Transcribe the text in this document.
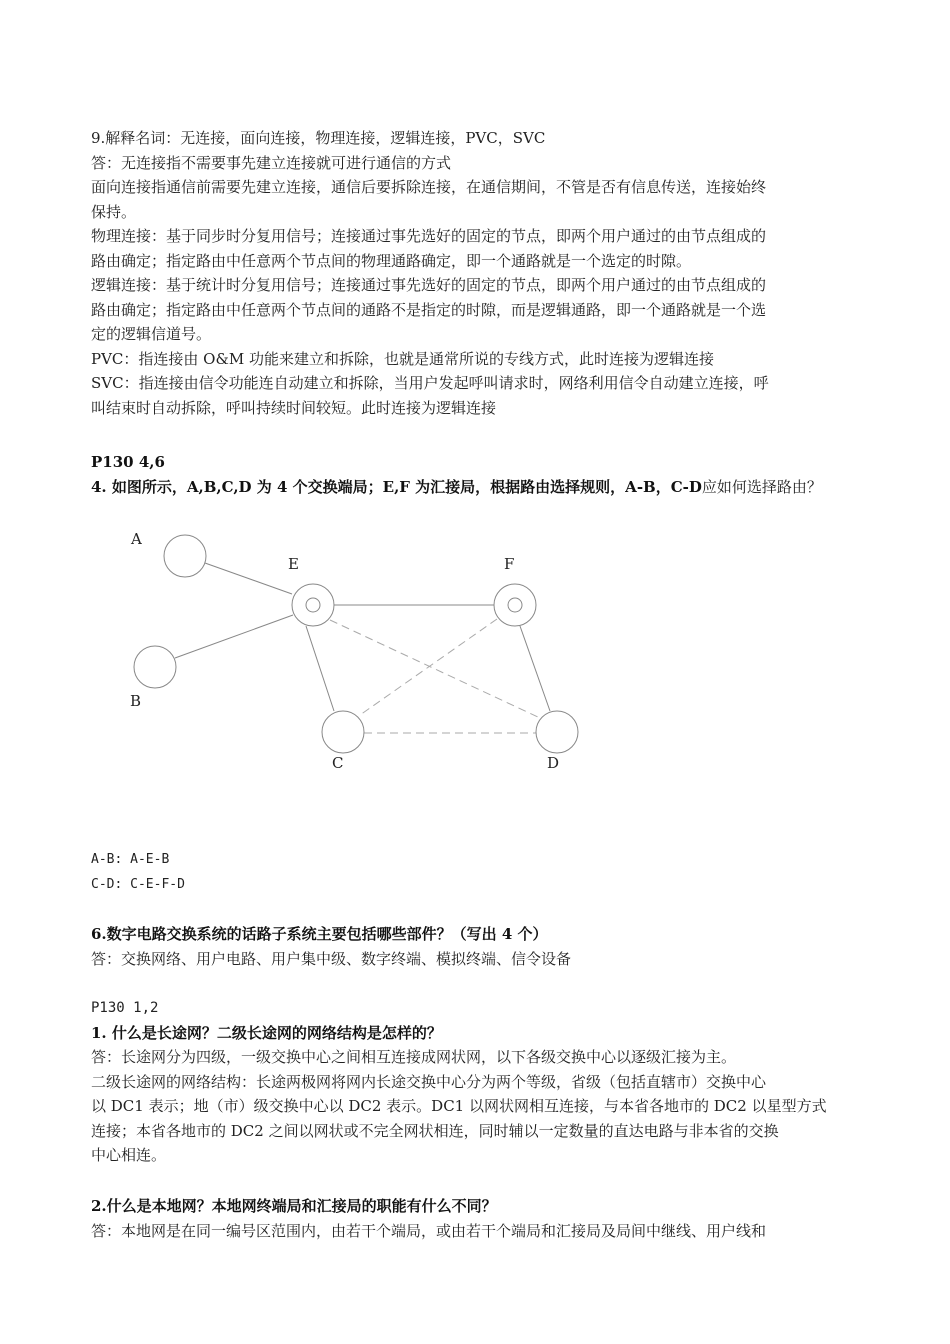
9.解释名词：无连接，面向连接，物理连接，逻辑连接，PVC，SVC

答：无连接指不需要事先建立连接就可进行通信的方式

面向连接指通信前需要先建立连接，通信后要拆除连接，在通信期间，不管是否有信息传送，连接始终

保持。

物理连接：基于同步时分复用信号；连接通过事先选好的固定的节点，即两个用户通过的由节点组成的

路由确定；指定路由中任意两个节点间的物理通路确定，即一个通路就是一个选定的时隙。

逻辑连接：基于统计时分复用信号；连接通过事先选好的固定的节点，即两个用户通过的由节点组成的

路由确定；指定路由中任意两个节点间的通路不是指定的时隙，而是逻辑通路，即一个通路就是一个选

定的逻辑信道号。

PVC：指连接由 O&M 功能来建立和拆除，也就是通常所说的专线方式，此时连接为逻辑连接

SVC：指连接由信令功能连自动建立和拆除，当用户发起呼叫请求时，网络利用信令自动建立连接，呼

叫结束时自动拆除，呼叫持续时间较短。此时连接为逻辑连接

P130 4,6

4. 如图所示，A,B,C,D 为 4 个交换端局；E,F 为汇接局，根据路由选择规则，A-B，C-D应如何选择路由？

A
B
E	F
C	D

A-B: A-E-B

C-D: C-E-F-D

6.数字电路交换系统的话路子系统主要包括哪些部件？（写出 4 个）

答：交换网络、用户电路、用户集中级、数字终端、模拟终端、信令设备

P130 1,2

1. 什么是长途网？二级长途网的网络结构是怎样的？

答：长途网分为四级，一级交换中心之间相互连接成网状网，以下各级交换中心以逐级汇接为主。

二级长途网的网络结构：长途两极网将网内长途交换中心分为两个等级，省级（包括直辖市）交换中心

以 DC1 表示；地（市）级交换中心以 DC2 表示。DC1 以网状网相互连接，与本省各地市的 DC2 以星型方式

连接；本省各地市的 DC2 之间以网状或不完全网状相连，同时辅以一定数量的直达电路与非本省的交换

中心相连。

2.什么是本地网？本地网终端局和汇接局的职能有什么不同？

答：本地网是在同一编号区范围内，由若干个端局，或由若干个端局和汇接局及局间中继线、用户线和
